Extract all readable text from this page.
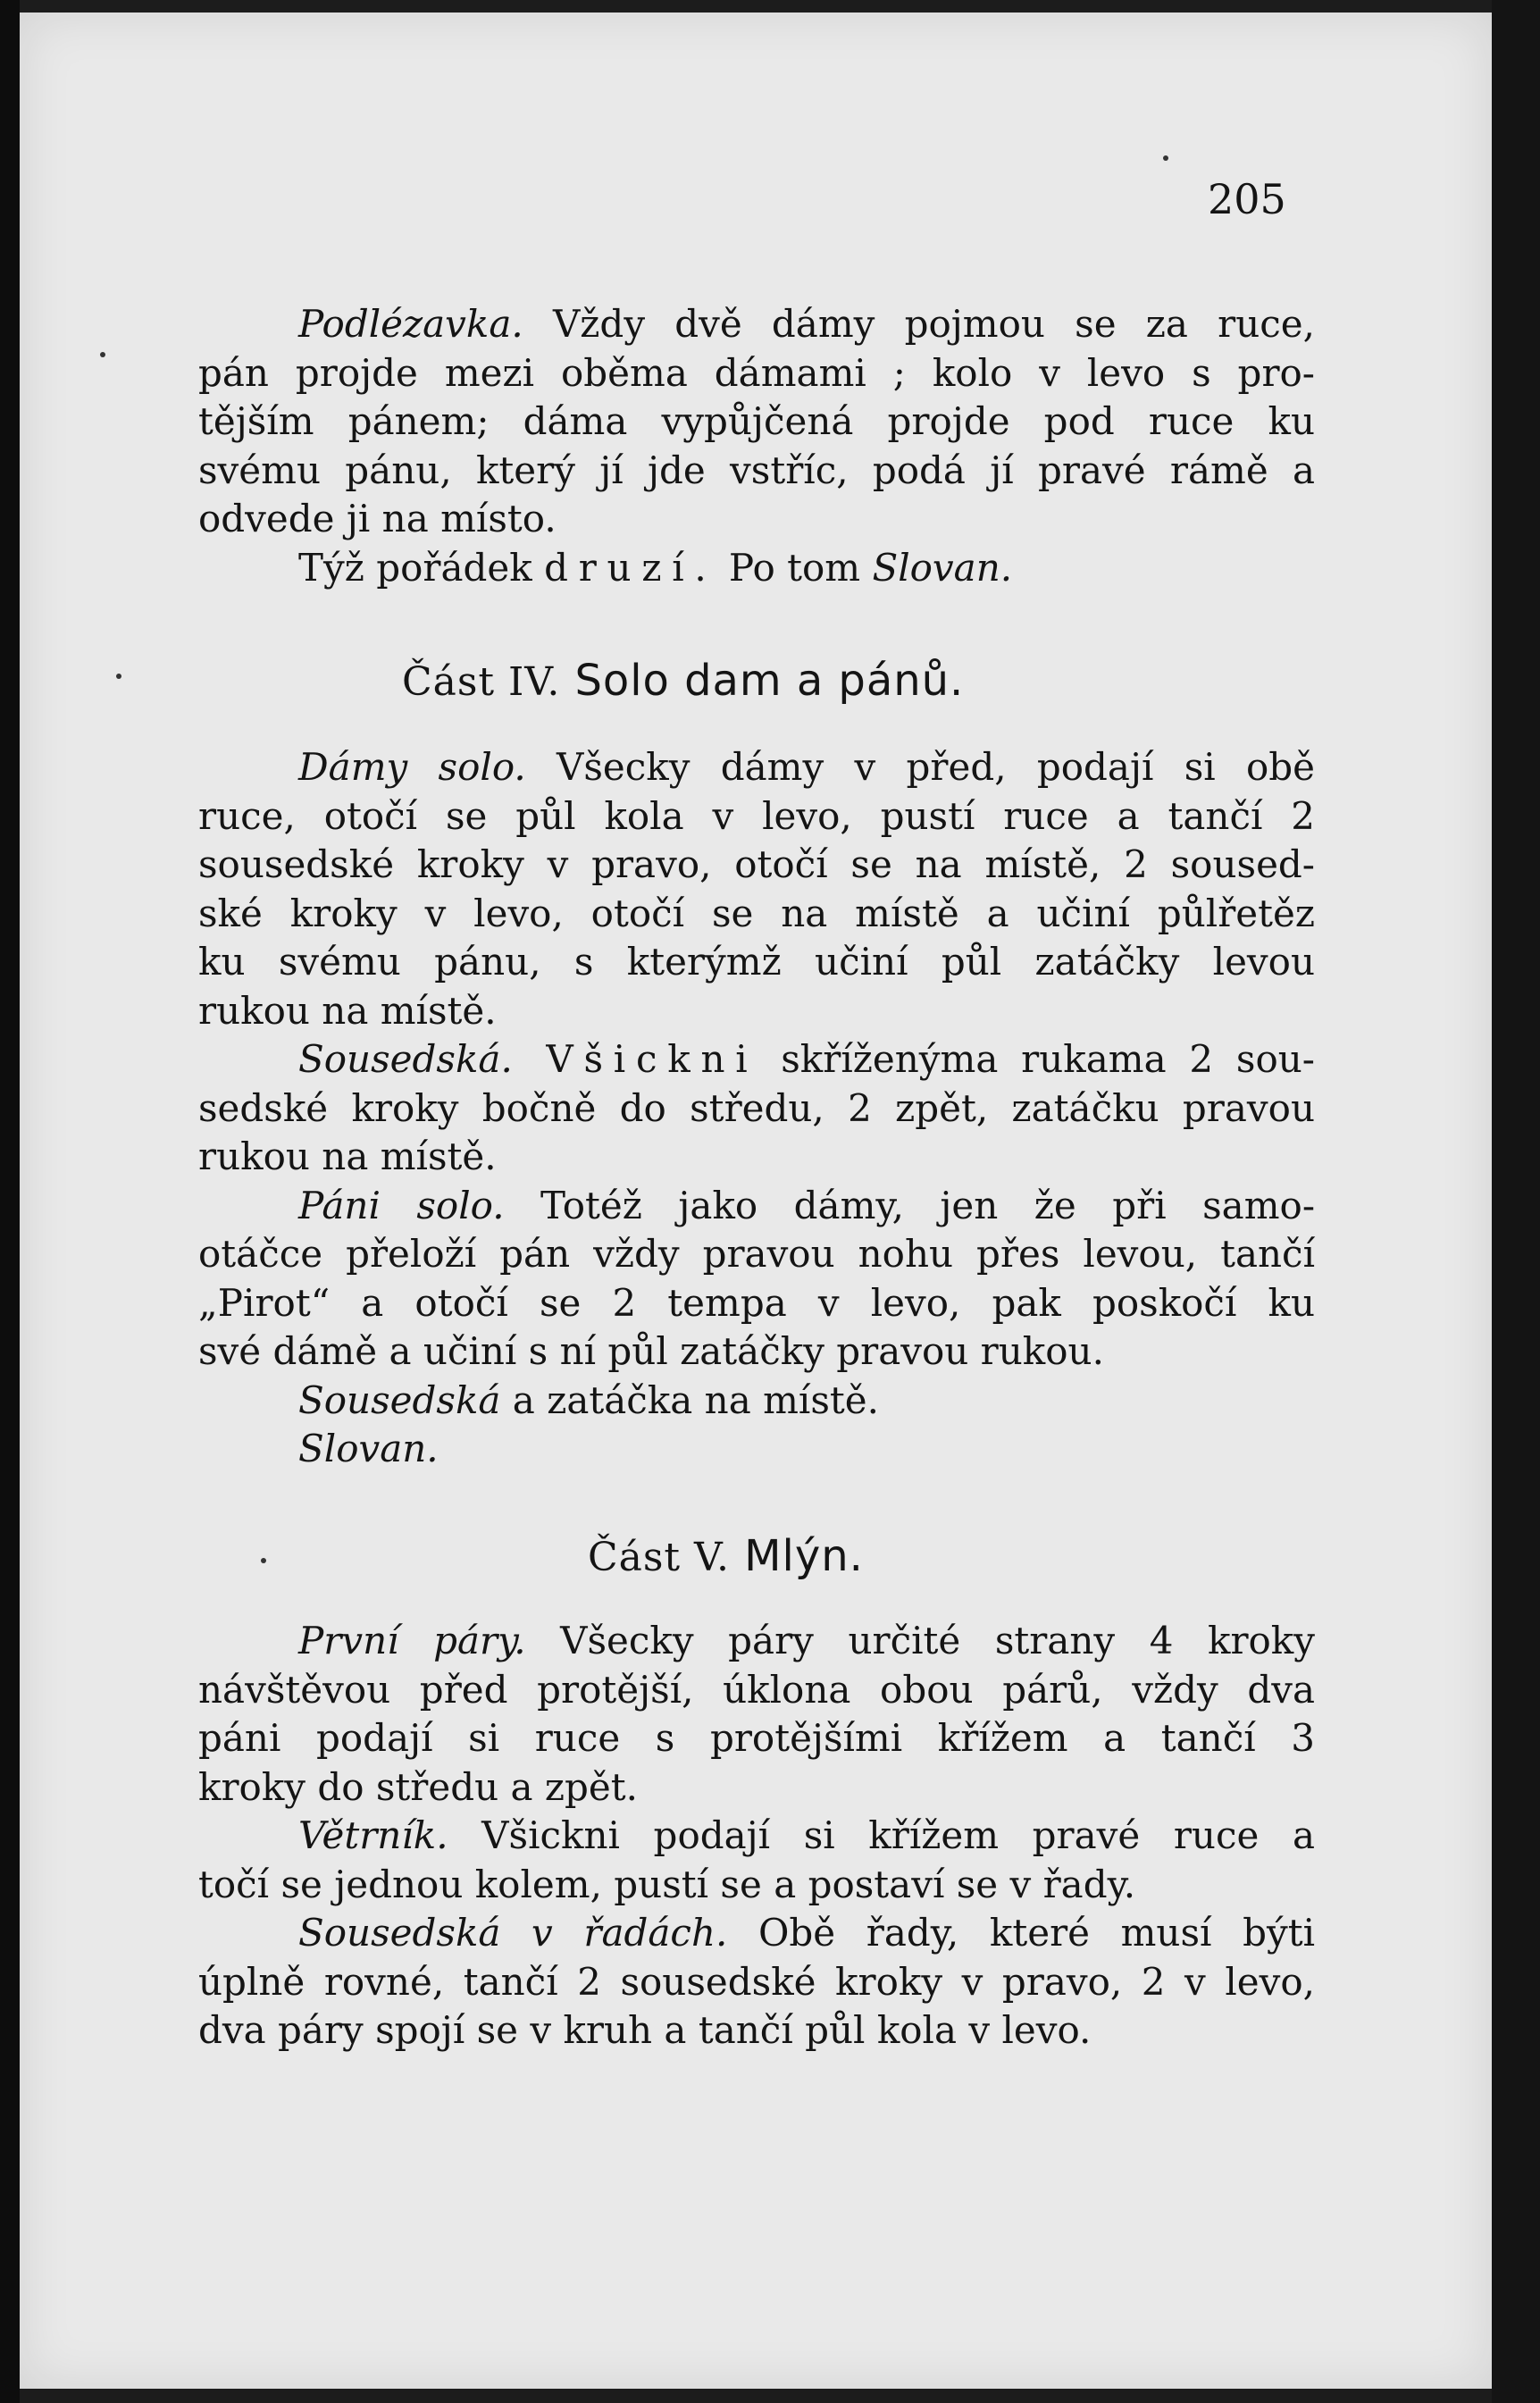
205
Podlézavka. Vždy dvě dámy pojmou se za ruce,
pán projde mezi oběma dámami ; kolo v levo s pro-
tějším pánem; dáma vypůjčená projde pod ruce ku
svému pánu, který jí jde vstříc, podá jí pravé rámě a
odvede ji na místo.
Týž pořádek druzí. Po tom Slovan.
Část IV. Solo dam a pánů.
Dámy solo. Všecky dámy v před, podají si obě
ruce, otočí se půl kola v levo, pustí ruce a tančí 2
sousedské kroky v pravo, otočí se na místě, 2 soused-
ské kroky v levo, otočí se na místě a učiní půlřetěz
ku svému pánu, s kterýmž učiní půl zatáčky levou
rukou na místě.
Sousedská. Všickni skříženýma rukama 2 sou-
sedské kroky bočně do středu, 2 zpět, zatáčku pravou
rukou na místě.
Páni solo. Totéž jako dámy, jen že při samo-
otáčce přeloží pán vždy pravou nohu přes levou, tančí
„Pirot“ a otočí se 2 tempa v levo, pak poskočí ku
své dámě a učiní s ní půl zatáčky pravou rukou.
Sousedská a zatáčka na místě.
Slovan.
Část V. Mlýn.
První páry. Všecky páry určité strany 4 kroky
návštěvou před protější, úklona obou párů, vždy dva
páni podají si ruce s protějšími křížem a tančí 3
kroky do středu a zpět.
Větrník. Všickni podají si křížem pravé ruce a
točí se jednou kolem, pustí se a postaví se v řady.
Sousedská v řadách. Obě řady, které musí býti
úplně rovné, tančí 2 sousedské kroky v pravo, 2 v levo,
dva páry spojí se v kruh a tančí půl kola v levo.
